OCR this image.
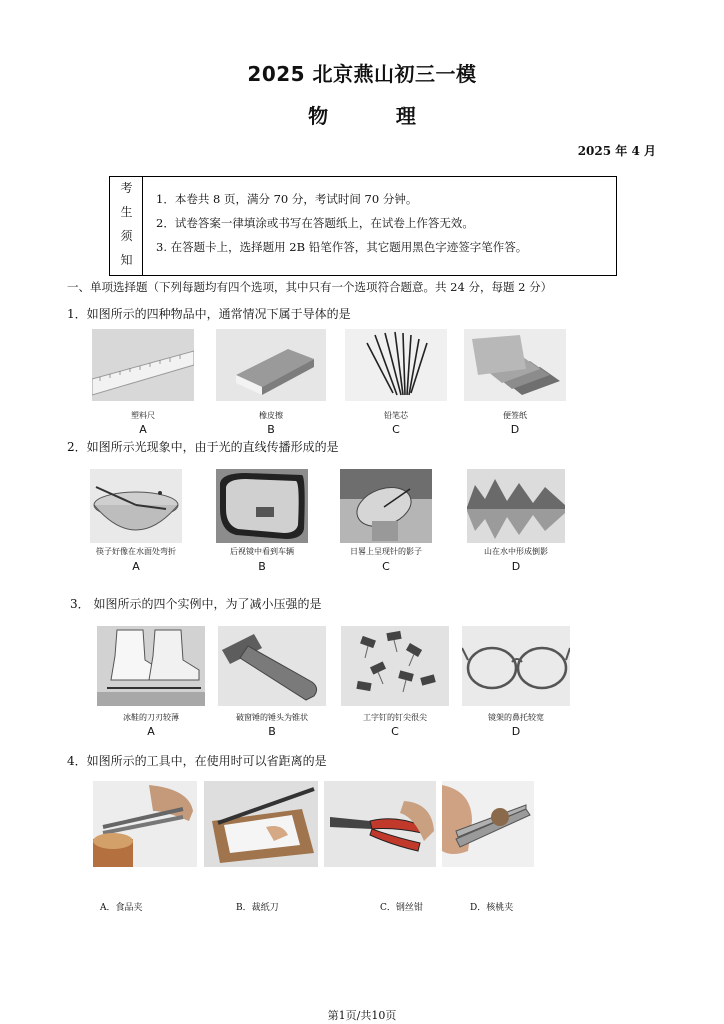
2025 北京燕山初三一模
物    理
2025 年 4 月
考
生
须
知
1．本卷共 8 页，满分 70 分，考试时间 70 分钟。
2．试卷答案一律填涂或书写在答题纸上，在试卷上作答无效。
3. 在答题卡上，选择题用 2B 铅笔作答，其它题用黑色字迹签字笔作答。
一、单项选择题（下列每题均有四个选项，其中只有一个选项符合题意。共 24 分，每题 2 分）
1．如图所示的四种物品中，通常情况下属于导体的是
塑料尺	橡皮擦	铅笔芯	便签纸
A	B	C	D
2．如图所示光现象中，由于光的直线传播形成的是
筷子好像在水面处弯折	后视镜中看到车辆	日晷上呈现针的影子	山在水中形成倒影
A	B	C	D
3． 如图所示的四个实例中，为了减小压强的是
冰鞋的刀刃较薄	破窗锤的锤头为锥状	工字钉的钉尖很尖	镜架的鼻托较宽
A	B	C	D
4．如图所示的工具中，在使用时可以省距离的是
A．食品夹	B．裁纸刀	C．钢丝钳	D．核桃夹
第1页/共10页
